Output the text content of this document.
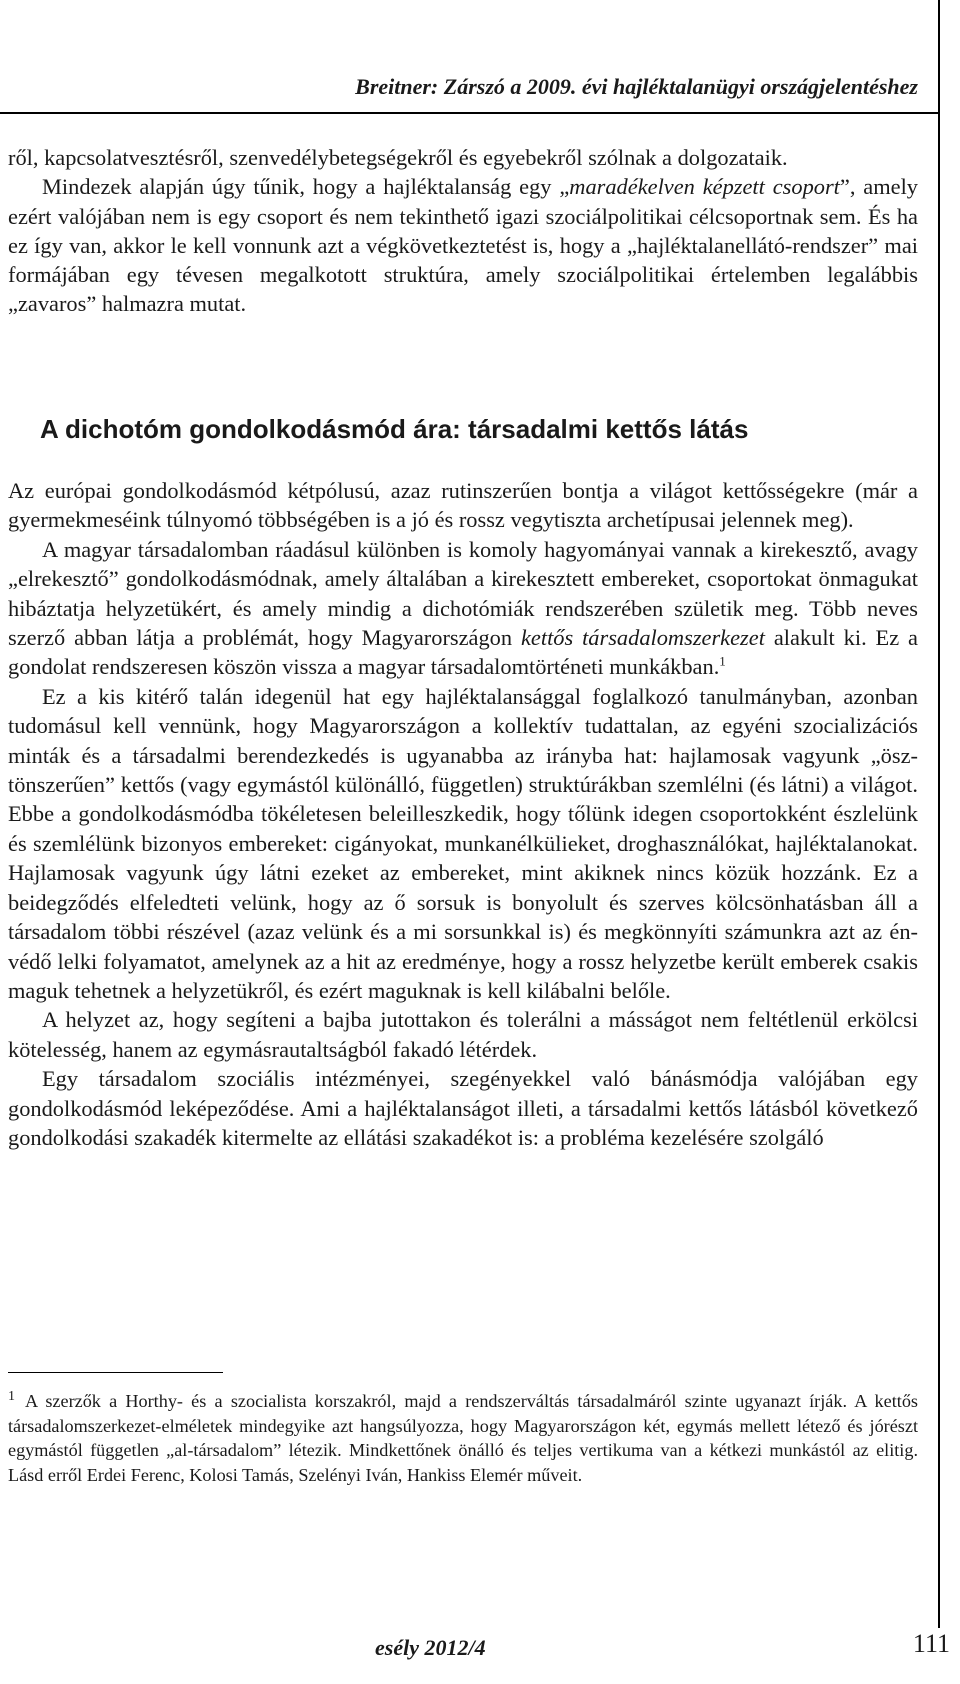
Breitner: Zárszó a 2009. évi hajléktalanügyi országjelentéshez

ről, kapcsolatvesztésről, szenvedélybetegségekről és egyebekről szólnak a dolgozataik.

Mindezek alapján úgy tűnik, hogy a hajléktalanság egy „maradékelven képzett csoport”, amely ezért valójában nem is egy csoport és nem tekinthető igazi szociálpolitikai célcsoportnak sem. És ha ez így van, akkor le kell vonnunk azt a végkövetkeztetést is, hogy a „hajléktalanellátó-rendszer” mai formájában egy tévesen megalkotott struktúra, amely szociálpolitikai értelemben legalábbis „zavaros” halmazra mutat.

A dichotóm gondolkodásmód ára: társadalmi kettős látás

Az európai gondolkodásmód kétpólusú, azaz rutinszerűen bontja a világot kettősségekre (már a gyermekmeséink túlnyomó többségében is a jó és rossz vegytiszta archetípusai jelennek meg).

A magyar társadalomban ráadásul különben is komoly hagyományai vannak a kirekesztő, avagy „elrekesztő” gondolkodásmódnak, amely általában a kirekesztett embereket, csoportokat önmagukat hibáztatja helyzetükért, és amely mindig a dichotómiák rendszerében születik meg. Több neves szerző abban látja a problémát, hogy Magyarországon kettős társadalomszerkezet alakult ki. Ez a gondolat rendszeresen köszön vissza a magyar társadalomtörténeti munkákban.$^1$

Ez a kis kitérő talán idegenül hat egy hajléktalansággal foglalkozó tanulmányban, azonban tudomásul kell vennünk, hogy Magyarországon a kollektív tudattalan, az egyéni szocializációs minták és a társadalmi berendezkedés is ugyanabba az irányba hat: hajlamosak vagyunk „ösztönszerűen” kettős (vagy egymástól különálló, független) struktúrákban szemlélni (és látni) a világot. Ebbe a gondolkodásmódba tökéletesen beleilleszkedik, hogy tőlünk idegen csoportokként észlelünk és szemlélünk bizonyos embereket: cigányokat, munkanélkülieket, droghasználókat, hajléktalanokat. Hajlamosak vagyunk úgy látni ezeket az embereket, mint akiknek nincs közük hozzánk. Ez a beidegződés elfeledteti velünk, hogy az ő sorsuk is bonyolult és szerves kölcsönhatásban áll a társadalom többi részével (azaz velünk és a mi sorsunkkal is) és megkönnyíti számunkra azt az én-védő lelki folyamatot, amelynek az a hit az eredménye, hogy a rossz helyzetbe került emberek csakis maguk tehetnek a helyzetükről, és ezért maguknak is kell kilábalni belőle.

A helyzet az, hogy segíteni a bajba jutottakon és tolerálni a másságot nem feltétlenül erkölcsi kötelesség, hanem az egymásrautaltságból fakadó létérdek.

Egy társadalom szociális intézményei, szegényekkel való bánásmódja valójában egy gondolkodásmód leképeződése. Ami a hajléktalanságot illeti, a társadalmi kettős látásból következő gondolkodási szakadék kitermelte az ellátási szakadékot is: a probléma kezelésére szolgáló

$^1$ A szerzők a Horthy- és a szocialista korszakról, majd a rendszerváltás társadalmáról szinte ugyanazt írják. A kettős társadalomszerkezet-elméletek mindegyike azt hangsúlyozza, hogy Magyarországon két, egymás mellett létező és jórészt egymástól független „al-társadalom” létezik. Mindkettőnek önálló és teljes vertikuma van a kétkezi munkástól az elitig. Lásd erről Erdei Ferenc, Kolosi Tamás, Szelényi Iván, Hankiss Elemér műveit.

esély 2012/4	111
